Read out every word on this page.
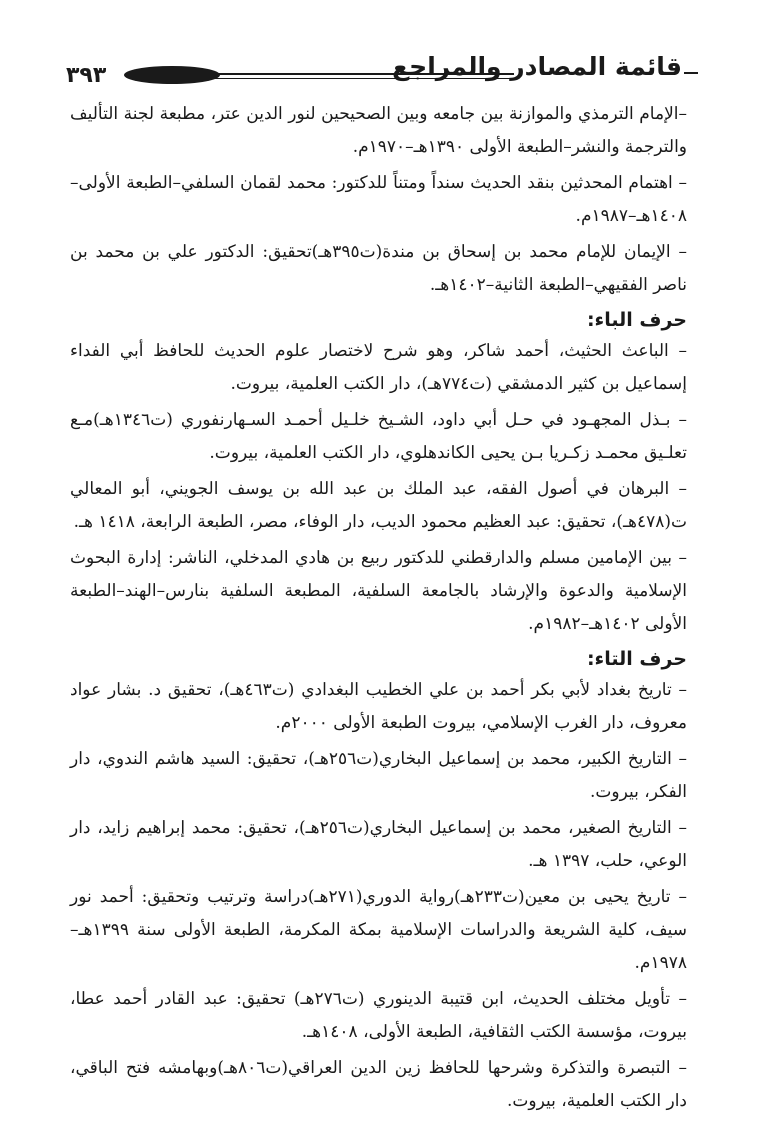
٣٩٣	قائمة المصادر والمراجع

–الإمام الترمذي والموازنة بين جامعه وبين الصحيحين لنور الدين عتر، مطبعة لجنة التأليف والترجمة والنشر–الطبعة الأولى ١٣٩٠هـ–١٩٧٠م.

– اهتمام المحدثين بنقد الحديث سنداً ومتناً للدكتور: محمد لقمان السلفي–الطبعة الأولى–١٤٠٨هـ–١٩٨٧م.

– الإيمان للإمام محمد بن إسحاق بن مندة(ت٣٩٥هـ)تحقيق: الدكتور علي بن محمد بن ناصر الفقيهي–الطبعة الثانية–١٤٠٢هـ.

حرف الباء:

– الباعث الحثيث، أحمد شاكر، وهو شرح لاختصار علوم الحديث للحافظ أبي الفداء إسماعيل بن كثير الدمشقي (ت٧٧٤هـ)، دار الكتب العلمية، بيروت.

– بـذل المجهـود في حـل أبي داود، الشـيخ خلـيل أحمـد السـهارنفوري (ت١٣٤٦هـ)مـع تعلـيق محمـد زكـريا بـن يحيى الكاندهلوي، دار الكتب العلمية، بيروت.

– البرهان في أصول الفقه، عبد الملك بن عبد الله بن يوسف الجويني، أبو المعالي ت(٤٧٨هـ)، تحقيق: عبد العظيم محمود الديب، دار الوفاء، مصر، الطبعة الرابعة، ١٤١٨ هـ.

– بين الإمامين مسلم والدارقطني للدكتور ربيع بن هادي المدخلي، الناشر: إدارة البحوث الإسلامية والدعوة والإرشاد بالجامعة السلفية، المطبعة السلفية بنارس–الهند–الطبعة الأولى ١٤٠٢هـ–١٩٨٢م.

حرف التاء:

– تاريخ بغداد لأبي بكر أحمد بن علي الخطيب البغدادي (ت٤٦٣هـ)، تحقيق د. بشار عواد معروف، دار الغرب الإسلامي، بيروت الطبعة الأولى ٢٠٠٠م.

– التاريخ الكبير، محمد بن إسماعيل البخاري(ت٢٥٦هـ)، تحقيق: السيد هاشم الندوي، دار الفكر، بيروت.

– التاريخ الصغير، محمد بن إسماعيل البخاري(ت٢٥٦هـ)، تحقيق: محمد إبراهيم زايد، دار الوعي، حلب، ١٣٩٧ هـ.

– تاريخ يحيى بن معين(ت٢٣٣هـ)رواية الدوري(٢٧١هـ)دراسة وترتيب وتحقيق: أحمد نور سيف، كلية الشريعة والدراسات الإسلامية بمكة المكرمة، الطبعة الأولى سنة ١٣٩٩هـ–١٩٧٨م.

– تأويل مختلف الحديث، ابن قتيبة الدينوري (ت٢٧٦هـ) تحقيق: عبد القادر أحمد عطا، بيروت، مؤسسة الكتب الثقافية، الطبعة الأولى، ١٤٠٨هـ.

– التبصرة والتذكرة وشرحها للحافظ زين الدين العراقي(ت٨٠٦هـ)وبهامشه فتح الباقي، دار الكتب العلمية، بيروت.
